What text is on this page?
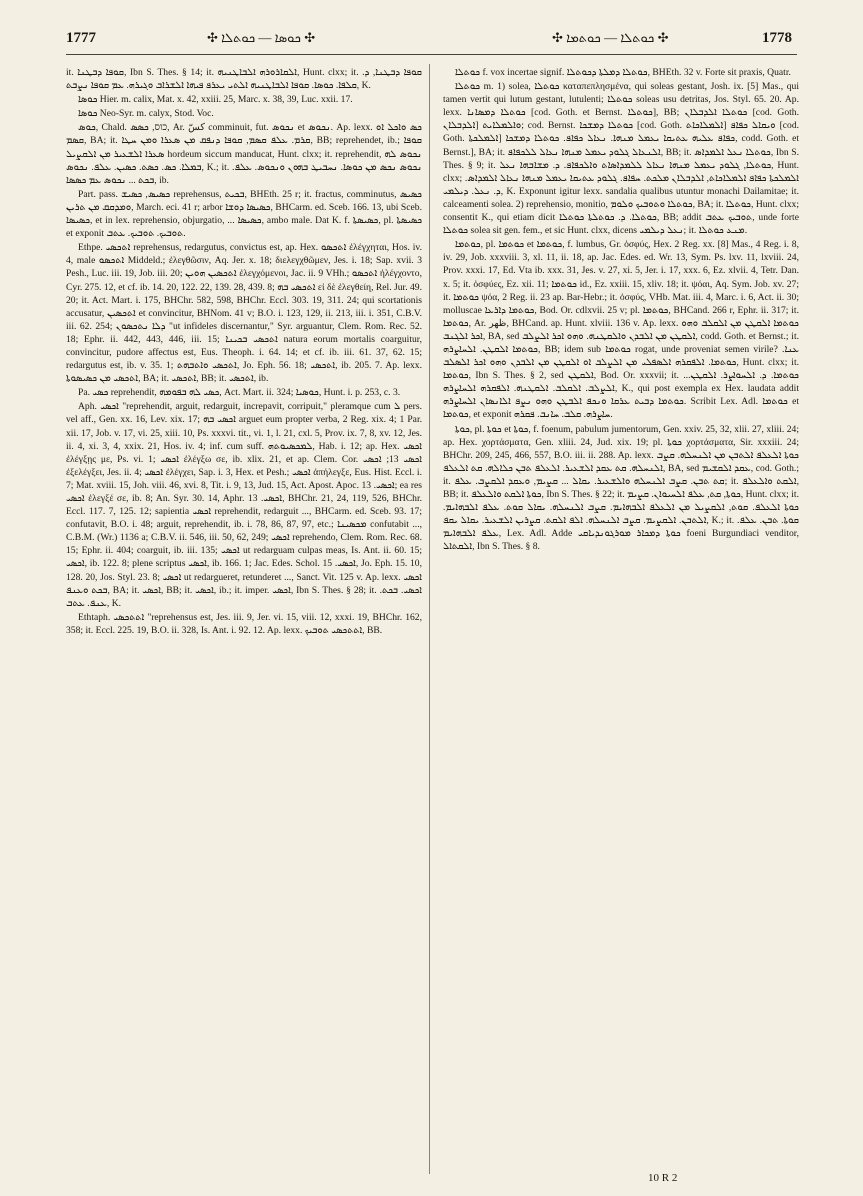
1777	✣ ܟܘܣܐ — ܟܘܬܠܐ ✣	✣ ܟܘܬܠܐ — ܟܘܬܡܐ ✣	1778

it. ܩܘܦܐ ܕܒܛܢܐ, Ibn S. Thes. § 14; it. ܐܠܩܐܪܘܪܗ ܐܠܒܐܛܢܝܗ, Hunt. clxx; it. ܩܘܦܐ ܕܒܛܢܐ, ܕ. ܩܠܦܐ. ܟܘܣܐ. ܩܘܦܐ ܐܠܒܐܛܢܝܗ ܐܠܬܝ ܝܥܪܦ ܦܝܗܐ ܐܠܫܪܐܒ ܘܓܝܪܗ. ܥܡ ܩܘܦܐ ܢܨܒܬ, K.

ܟܘܣܐ Hier. m. calix, Mat. x. 42, xxiii. 25, Marc. x. 38, 39, Luc. xxii. 17.

ܟܘܣܐ Neo-Syr. m. calyx, Stod. Voc.

ܟܘܣ, Chald. כוס, ܟܣܣ, Ar. كسّ comminuit, fut. ܢܟܘܣ et ܢܟܘܣ. Ap. lexx. ܟܣ ܘܐܟܠ ܐܘ ܩܣܡ, BA; it. ܩܪܡ. ܥܠܦ ܩܣܡ, ܩܘܦܐ ܕܢܦܩ ܡܢ ܣܥܪܐ ܘܡܢ ܚܛܐ, BB; reprehendet, ib.; ܩܘܦܐ ܣܥܪܐ ܐܠܫܥܝܪ ܡܢ ܐܠܩܨܝܠ hordeum siccum manducat, Hunt. clxx; it. reprehendit, ܢܟܘܣ ܠܗ ܒܡܠܐ. ܟܣ. ܟܣܬ. ܟܣܝܢ. ܥܠܦ. ܢܟܘܣ, K.; it. ܢܟܘܣ ܢܟܣ ܡܢ ܟܘܣܐ. ܢܚܒܝܛ ܒܗܘܢ ܘܢܟܘܣ. ܥܠܦ. ܒܟܬ ... ܢܟܘܣ ܥܡ ܟܣܣܐ, ib.

Part. pass. ܟܣܝܣ, ܟܣܝܫ reprehensus, ܒܟܝܬ, BHEth. 25 r; it. fractus, comminutus, ܟܣܝܣ ܘܡܕܩܩ ܡܢ ܬܪܝܢ, March. eci. 41 r; arbor ܟܣܝܣܐ ܕܘܫܐ, BHCarm. ed. Sceb. 166. 13, ubi Sceb. ܟܣܝܣܐ, et in lex. reprehensio, objurgatio, ... ܟܣܝܣܐ, ambo male. Dat K. f. ܟܣܝܣܬܐ, pl. ܟܣܝܣܬܐ et exponit ܬܘܒܝܟ. ܬܘܒܝܟ. ܥܬܒ.

Ethpe. ܐܬܟܣܝ reprehensus, redargutus, convictus est, ap. Hex. ܐܬܟܣܘ ἐλέγχηται, Hos. iv. 4, male ܐܬܟܣܘ Middeld.; ἐλεγθῶσιν, Aq. Jer. x. 18; διελεγχθῶμεν, Jes. i. 18; Sap. xvii. 3 Pesh., Luc. iii. 19, Job. iii. 20; ܐܬܟܣܝܢ ܗܘܝܢ ἐλεγχόμενοι, Jac. ii. 9 VHh.; ܐܬܟܣܘ ἠλέγχοντο, Cyr. 275. 12, et cf. ib. 14. 20, 122. 22, 139. 28, 439. 8; ܐܬܟܣܝ ܒܗ εἰ δὲ ἐλεγθείη, Rel. Jur. 49. 20; it. Act. Mart. i. 175, BHChr. 582, 598, BHChr. Eccl. 303. 19, 311. 24; qui scortationis accusatur, ܐܬܟܣܝܢ et convincitur, BHNom. 41 v; B.O. i. 123, 129, ii. 213, iii. i. 351, C.B.V. iii. 62. 254; ܕܠܐ ܢܬܟܣܘܢ "ut infideles discernantur," Syr. arguantur, Clem. Rom. Rec. 52. 18; Ephr. ii. 442, 443, 446, iii. 15; ܐܬܟܣܝ ܒܟܝܢܐ natura eorum mortalis coarguitur, convincitur, pudore affectus est, Eus. Theoph. i. 64. 14; et cf. ib. iii. 61. 37, 62. 15; redargutus est, ib. v. 35. 1; ܐܬܟܣܝ ܘܐܬܒܗܬ, Jo. Eph. 56. 18; ܐܬܟܣܝ, ib. 205. 7. Ap. lexx. ܐܬܟܣܝ ܡܢ ܟܣܝܣܘܬܐ, BA; it. ܐܬܟܣܝ, BB; it. ܐܬܟܣܝ, ib.

Pa. ܟܣܝ reprehendit, ܟܣܝ ܠܗ ܒܦܘܡܗ, Act. Mart. ii. 324; ܟܘܣܝܐ, Hunt. i. p. 253, c. 3.

Aph. ܐܟܣܝ "reprehendit, arguit, redarguit, increpavit, corripuit," pleramque cum ܠ pers. vel aff., Gen. xx. 16, Lev. xix. 17; ܐܟܣܝ ܒܗ arguet eum propter verba, 2 Reg. xix. 4; 1 Par. xii. 17, Job. v. 17, vi. 25, xiii. 10, Ps. xxxvi. tit., vi. 1, l. 21, cxl. 5, Prov. ix. 7, 8, xv. 12, Jes. ii. 4, xi. 3, 4, xxix. 21, Hos. iv. 4; inf. cum suff. ܠܡܟܣܝܘܬܗ, Hab. i. 12; ap. Hex. ܐܟܣܝ ἐλέγξῃς με, Ps. vi. 1; ܐܟܣܝ ἐλέγξω σε, ib. xlix. 21, et ap. Clem. Cor. ܐܟܣܝ 13; ܐܟܣܝ ἐξελέγξει, Jes. ii. 4; ܐܟܣܝ ἐλέγχει, Sap. i. 3, Hex. et Pesh.; ܐܟܣܝ ἀπήλεγξε, Eus. Hist. Eccl. i. 7; Mat. xviii. 15, Joh. viii. 46, xvi. 8, Tit. i. 9, 13, Jud. 15, Act. Apost. Apoc. ܐܟܣܝ. 13; ea res ܐܟܣܝ ἐλεγξέ σε, ib. 8; An. Syr. 30. 14, Aphr. ܐܟܣܝ. 13, BHChr. 21, 24, 119, 526, BHChr. Eccl. 117. 7, 125. 12; sapientia ܐܟܣܝ reprehendit, redarguit ..., BHCarm. ed. Sceb. 93. 17; confutavit, B.O. i. 48; arguit, reprehendit, ib. i. 78, 86, 87, 97, etc.; ܡܟܣܝܢܐ confutabit ..., C.B.M. (Wr.) 1136 a; C.B.V. ii. 546, iii. 50, 62, 249; ܐܟܣܝ reprehendo, Clem. Rom. Rec. 68. 15; Ephr. ii. 404; coarguit, ib. iii. 135; ܐܟܣܝ ut redarguam culpas meas, Is. Ant. ii. 60. 15; ܐܟܣܝ, ib. 122. 8; plene scriptus ܐܟܣܝ, ib. 166. 1; Jac. Edes. Schol. ܐܟܣܝ. 15, Jo. Eph. 15. 10, 128. 20, Jos. Styl. 23. 8; ܐܟܣܝ ut redargueret, retunderet ..., Sanct. Vit. 125 v. Ap. lexx. ܐܟܣܝ ܒܟܬ ܘܥܢܦ, BA; it. ܐܟܣܝ, BB; it. ܐܟܣܝ, ib.; it. imper. ܐܟܣܝ, Ibn S. Thes. § 28; it. ܐܟܣܝ. ܒܟܬ. ܥܢܦ. ܥܬܒ, K.

Ethtaph. ܐܬܬܟܣܝ "reprehensus est, Jes. iii. 9, Jer. vi. 15, viii. 12, xxxi. 19, BHChr. 162, 358; it. Eccl. 225. 19, B.O. ii. 328, Is. Ant. i. 92. 12. Ap. lexx. ܐܬܬܟܣܝ ܬܘܒܝܟ, BB.

ܟܘܬܠܐ f. vox incertae signif. ܟܘܬܠܐ ܕܡܠܬܐ ܕܟܘܬܠܐ, BHEth. 32 v. Forte sit praxis, Quatr.

ܟܘܬܠܐ m. 1) solea, ܟܘܬܠܐ καταπεπλησμένα, qui soleas gestant, Josh. ix. [5] Mas., qui tamen vertit qui lutum gestant, lutulenti; ܟܘܬܠܐ soleas usu detritas, Jos. Styl. 65. 20. Ap. lexx. ܟܘܬܠܐ ܕܡܣܐܢܐ [cod. Goth. et Bernst. ܟܘܬܠܐ], BB; ܟܘܬܠܐ ܐܠܕܒܠܐܢ [cod. Goth. ܐܠܕܒܠܐܢ] ܘܐܠܡܠܐܝܬ; cod. Bernst. ܟܘܬܠܐ ܕܡܫܟܐ [cod. Goth. ܐܠܡܠܐܟܐܬ] ܘܝܩܐܠ ܟܦܐܦ [cod. Goth. ܐܠܡܠܟܬܐ] ܟܦܐܦ ܥܠܝܗ ܥܬܝܩܐ ܝܥܡܠ ܡܢܗܐ. ܢܥܐܠ ܟܦܐܦ. ܟܘܬܠܐ ܕܡܫܟܐ, codd. Goth. et Bernst.], BA; it. ܐܠܢܥܐܠ ܓܠܘܕ ܝܥܡܠ ܡܢܗܐ ܢܥܐܠ ܠܠܟܦܐܦ, BB; it. ܟܘܬܠܐ ܢܥܠ ܐܠܡܕܐܣ, Ibn S. Thes. § 9; it. ܟܘܬܠܐ, ܓܠܘܕ ܝܥܡܠ ܡܢܗܐ ܢܥܐܠ ܠܠܡܕܐܣܐܬ ܘܐܠܟܦܐܦ. ܕ. ܡܫܐܒܗܐ ܢܥܠ, Hunt. clxx; ܐܠܡܠܟܬܐ ܟܦܐܦ ܐܠܡܠܐܟܐܬ, ܐܠܕܒܠܐܢ ܡܠܟܬ. ܚܦܐܦ. ܓܠܘܕ ܥܬܝܩܐ ܝܥܡܠ ܡܢܗܐ ܢܥܐܠ ܐܠܡܕܐܣ. ܕ. ܢܥܠ. ܕܝܠܡܝ, K. Exponunt igitur lexx. sandalia qualibus utuntur monachi Dailamitae; it. calceamenti solea. 2) reprehensio, monitio, ܟܘܬܠܐ ܘܬܘܒܝܟ ܘܠܘܡ, BA; it. ܟܘܬܠܐ, Hunt. clxx; consentit K., qui etiam dicit ܟܘܬܠܐ. ܕ. ܟܘܬܠܬܐ ܟܘܬܠܐ, BB; addit ܬܘܒܝܟ ܥܬܒ, unde forte ܟܘܬܠܐ solea sit gen. fem., et sic Hunt. clxx, dicens ܢܥܠ ܕܝܠܡܝ; it. ܡܢܥ ܟܘܬܠܐ.

ܟܘܬܡܐ, pl. ܟܘܬܡܐ et ܟܘܬܡܐ, f. lumbus, Gr. ὀσφύς, Hex. 2 Reg. xx. [8] Mas., 4 Reg. i. 8, iv. 29, Job. xxxviii. 3, xl. 11, ii. 18, ap. Jac. Edes. ed. Wr. 13, Sym. Ps. lxv. 11, lxviii. 24, Prov. xxxi. 17, Ed. Vta ib. xxx. 31, Jes. v. 27, xi. 5, Jer. i. 17, xxx. 6, Ez. xlvii. 4, Tetr. Dan. x. 5; it. ὀσφύες, Ez. xii. 11; ܟܘܬܡܐ id., Ez. xxiii. 15, xliv. 18; it. ψόαι, Aq. Sym. Job. xv. 27; it. ܟܘܬܡܐ ψόα, 2 Reg. ii. 23 ap. Bar-Hebr.; it. ὀσφύς, VHb. Mat. iii. 4, Marc. i. 6, Act. ii. 30; molluscae ܟܘܬܡܐ ܕܐܪܥܐ, Bod. Or. cdlxvii. 25 v; pl. ܟܘܬܡܐ, BHCand. 266 r, Ephr. ii. 317; it. ܟܘܬܡܐ, Ar. ظهر, BHCand. ap. Hunt. xlviii. 136 v. Ap. lexx. ܟܘܬܡܐ ܐܠܩܛܢ ܡܢ ܐܠܩܠܒ ܘܗܘ ܐܟܪ ܐܠܓܢܒ, BA, sed ܐܠܩܛܢ ܡܢ ܐܠܒܕܢ ܘܐܠܩܛܢܗ. ܘܗܘ ܐܟܪ ܐܠܨܠܒ, codd. Goth. et Bernst.; it. ܟܘܬܡܐ ܐܠܩܛܢ. ܐܠܚܐܨܪܗ, BB; idem sub ܟܘܬܡܐ rogat, unde proveniat semen virile? ܥܢܐ. ܟܘܬܡܐ. ܐܠܦܩܪܗ ܐܠܣܦܠܝ ܡܢ ܐܠܨܠܒ ܐܘ ܐܠܩܛܢ ܡܢ ܐܠܒܕܢ ܘܗܘ ܐܟܪ ܐܠܣܠܒ, Hunt. clxx; it. ܟܘܬܡܐ, Ibn S. Thes. § 2, sed ܐܠܩܛܢ, Bod. Or. xxxvii; it. ܟܘܬܡܐ. ܕ. ܐܠܚܘܐܨܪ. ܐܠܩܛܢ... ܐܠܨܠܒ. ܐܠܩܠܒ. ܐܠܩܛܢܗ. ܐܠܦܩܪܗ ܐܠܚܐܨܪܗ, K., qui post exempla ex Hex. laudata addit ܟܘܬܡܐ ܕܒܝܬ ܥܪܩܐ ܘܢܟܦ ܐܠܒܛܢ ܘܗܘ ܢܨܦ ܐܠܐܢܣܐܢ ܐܠܚܐܨܪܗ. Scribit Lex. Adl. ܟܘܬܡܐ et ܟܘܬܡܐ, et exponit ܚܐܨܪܗ. ܩܠܒ. ܚܐܢܒ. ܦܩܪܗ.

ܟܘܬܐ, pl. ܟܘܬܐ et ܟܘܬܐ, f. foenum, pabulum jumentorum, Gen. xxiv. 25, 32, xlii. 27, xliii. 24; ap. Hex. χορτάσματα, Gen. xliii. 24, Jud. xix. 19; pl. ܟܘܬܐ χορτάσματα, Sir. xxxiii. 24; BHChr. 209, 245, 466, 557, B.O. iii. ii. 288. Ap. lexx. ܟܘܬܐ ܐܠܥܠܦ ܐܠܬܒܢ ܡܢ ܐܠܢܚܠܗ. ܩܨܒ ܐܠܢܚܠܗ. ܩܬ ܥܩܕ ܐܠܫܥܝܪ. ܐܠܥܠܦ ܬܒܢ ܟܠܐܠܗ. ܩܬ ܐܠܥܠܦ, BA, sed ܥܩܕ ܐܠܩܫܝܡ, cod. Goth.; it. ܩܬ ܬܒܢ. ܩܨܒ ܐܠܢܚܠܗ ܘܐܠܫܥܝܪ. ܝܩܐܠ ... ܩܨܝܡ, ܘܥܩܕ ܐܠܩܨܒ. ܥܠܦ; it. ܐܠܩܬ ܘܐܠܥܠܦ, BB; it. ܟܘܬܐ ܐܠܩܬ ܘܐܠܥܠܦ, Ibn S. Thes. § 22; it. ܟܘܬܐ, ܩܬ, ܥܠܦ ܐܠܚܝܘܐܢ. ܩܨܝܡ, Hunt. clxx; it. ܟܘܬܐ ܐܠܥܠܦ. ܩܘܬ, ܐܠܩܨܝܠ ܡܢ ܐܠܥܠܦ ܐܠܒܗܐܝܡ. ܩܨܒ ܐܠܢܚܠܗ. ܝܩܐܠ ܩܘܬ. ܥܠܦ ܐܠܒܗܐܝܡ. ܐܠܬܒܢ. ܐܠܩܨܝܡ. ܩܨܒ ܐܠܢܚܠܗ. ܐܠܦ ܐܠܩܬ. ܩܨܪܝܢ ܐܠܫܥܝܪ. ܝܩܐܠ ܝܩܦ, K.; it. ܩܘܬܐ. ܬܒܢ. ܥܠܦ. ܥܠܦ ܐܠܒܗܐܝܡ, Lex. Adl. Adde ܟܘܬܐ ܕܡܟܐܪ ܡܘܪܓܘܢܕܝܐܩܝ foeni Burgundiaci venditor, ܐܠܩܬܐܠ, Ibn S. Thes. § 8.

10 R 2
